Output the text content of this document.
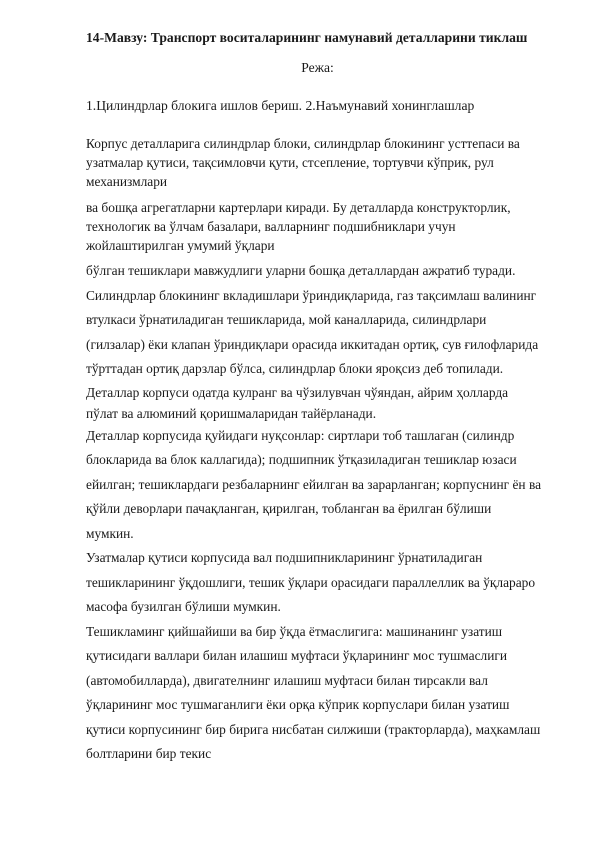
14-Мавзу: Транспорт воситаларининг намунавий деталларини тиклаш
Режа:
1.Цилиндрлар блокига ишлов бериш. 2.Наъмунавий хонинглашлар

Корпус деталларига силиндрлар блоки, силиндрлар блокининг усттепаси ва
узатмалар қутиси, тақсимловчи қути, стсепление, тортувчи кўприк, рул
механизмлари

ва бошқа агрегатларни картерлари киради. Бу деталларда конструкторлик,
технологик ва ўлчам базалари, валларнинг подшибниклари учун
жойлаштирилган умумий ўқлари

бўлган тешиклари мавжудлиги уларни бошқа деталлардан ажратиб туради.
Силиндрлар блокининг вкладишлари ўриндиқларида, газ тақсимлаш валининг
втулкаси ўрнатиладиган тешикларида, мой каналларида, силиндрлари
(гилзалар) ёки клапан ўриндиқлари орасида иккитадан ортиқ, сув ғилофларида
тўрттадан ортиқ дарзлар бўлса, силиндрлар блоки яроқсиз деб топилади.

Деталлар корпуси одатда кулранг ва чўзилувчан чўяндан, айрим ҳолларда
пўлат ва алюминий қоришмаларидан тайёрланади.

Деталлар корпусида қуйидаги нуқсонлар: сиртлари тоб ташлаган (силиндр
блокларида ва блок каллагида); подшипник ўтқазиладиган тешиклар юзаси
ейилган; тешиклардаги резбаларнинг ейилган ва зарарланган; корпуснинг ён ва
қўйли деворлари пачақланган, қирилган, тобланган ва ёрилган бўлиши
мумкин.

Узатмалар қутиси корпусида вал подшипникларининг ўрнатиладиган
тешикларининг ўқдошлиги, тешик ўқлари орасидаги параллеллик ва ўқлараро
масофа бузилган бўлиши мумкин.

Тешикламинг қийшайиши ва бир ўқда ётмаслигига: машинанинг узатиш
қутисидаги валлари билан илашиш муфтаси ўқларининг мос тушмаслиги
(автомобилларда), двигателнинг илашиш муфтаси билан тирсакли вал
ўқларининг мос тушмаганлиги ёки орқа кўприк корпуслари билан узатиш
қутиси корпусининг бир бирига нисбатан силжиши (тракторларда), маҳкамлаш
болтларини бир текис
